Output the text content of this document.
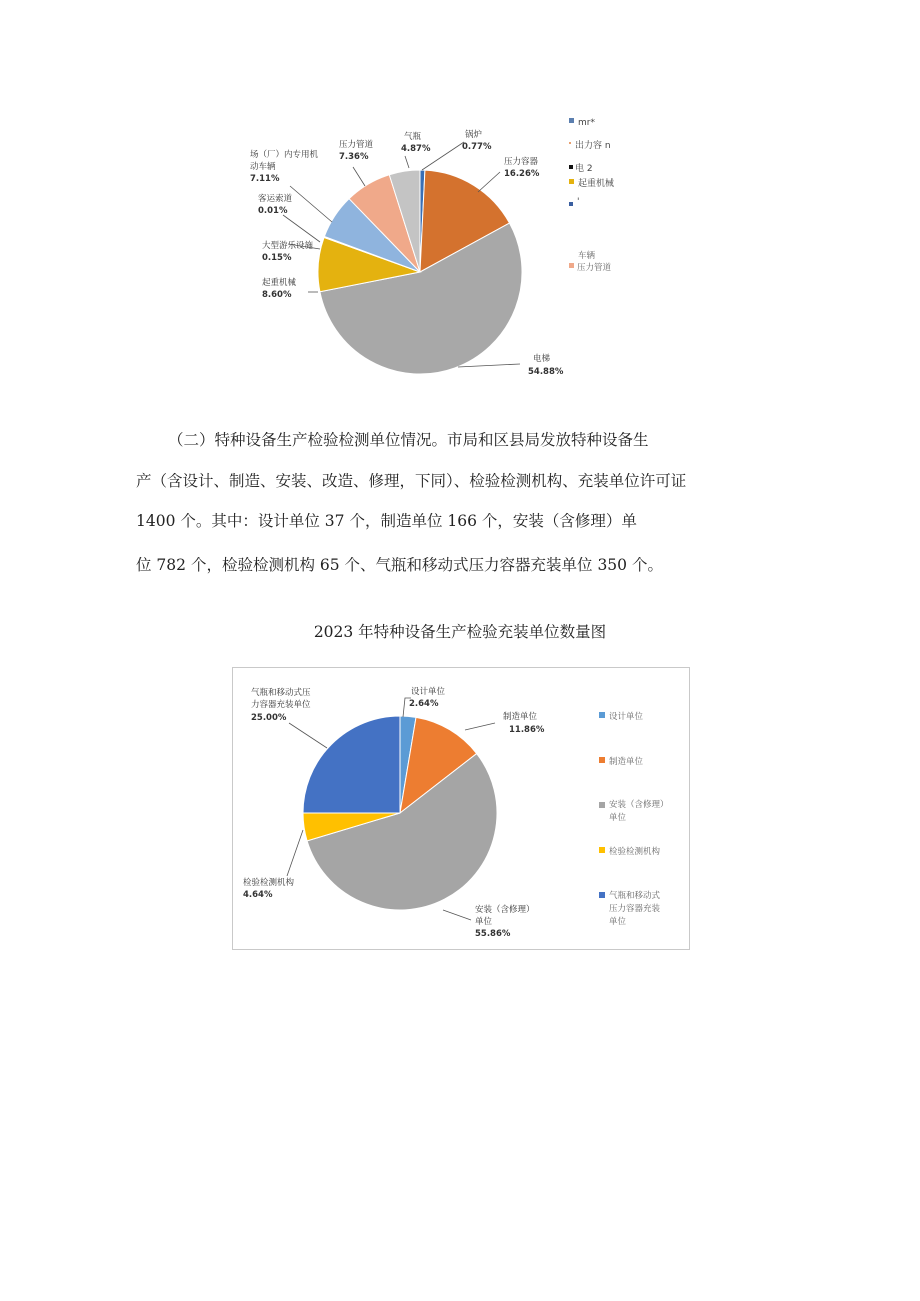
锅炉
0.77%
压力容器
16.26%
电梯
54.88%
起重机械
8.60%
大型游乐设施
0.15%
客运索道
0.01%
场（厂）内专用机
动车辆
7.11%
压力管道
7.36%
气瓶
4.87%
mr*
出力容 n
电 2
起重机械
'
车辆
压力管道
（二）特种设备生产检验检测单位情况。市局和区县局发放特种设备生
产（含设计、制造、安装、改造、修理，下同）、检验检测机构、充装单位许可证
1400 个。其中：设计单位 37 个，制造单位 166 个，安装（含修理）单
位 782 个，检验检测机构 65 个、气瓶和移动式压力容器充装单位 350 个。
2023 年特种设备生产检验充装单位数量图
设计单位
2.64%
制造单位
11.86%
安装（含修理）
单位
55.86%
检验检测机构
4.64%
气瓶和移动式压
力容器充装单位
25.00%	设计单位
制造单位
安装（含修理）
单位
检验检测机构
气瓶和移动式
压力容器充装
单位
